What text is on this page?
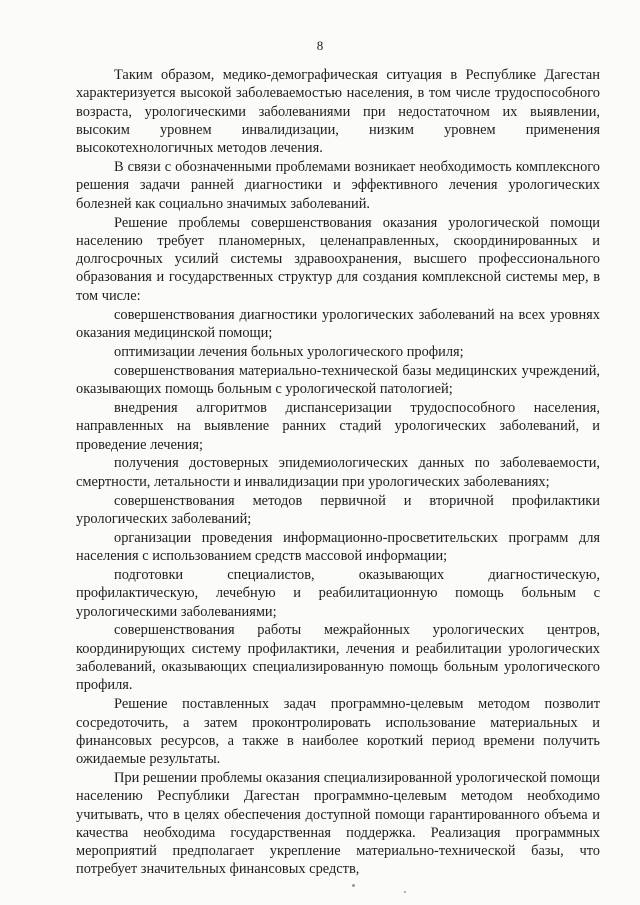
8

Таким образом, медико-демографическая ситуация в Республике Дагестан характеризуется высокой заболеваемостью населения, в том числе трудоспособного возраста, урологическими заболеваниями при недостаточном их выявлении, высоким уровнем инвалидизации, низким уровнем применения высокотехнологичных методов лечения.

В связи с обозначенными проблемами возникает необходимость комплексного решения задачи ранней диагностики и эффективного лечения урологических болезней как социально значимых заболеваний.

Решение проблемы совершенствования оказания урологической помощи населению требует планомерных, целенаправленных, скоординированных и долгосрочных усилий системы здравоохранения, высшего профессионального образования и государственных структур для создания комплексной системы мер, в том числе:

совершенствования диагностики урологических заболеваний на всех уровнях оказания медицинской помощи;

оптимизации лечения больных урологического профиля;

совершенствования материально-технической базы медицинских учреждений, оказывающих помощь больным с урологической патологией;

внедрения алгоритмов диспансеризации трудоспособного населения, направленных на выявление ранних стадий урологических заболеваний, и проведение лечения;

получения достоверных эпидемиологических данных по заболеваемости, смертности, летальности и инвалидизации при урологических заболеваниях;

совершенствования методов первичной и вторичной профилактики урологических заболеваний;

организации проведения информационно-просветительских программ для населения с использованием средств массовой информации;

подготовки специалистов, оказывающих диагностическую, профилактическую, лечебную и реабилитационную помощь больным с урологическими заболеваниями;

совершенствования работы межрайонных урологических центров, координирующих систему профилактики, лечения и реабилитации урологических заболеваний, оказывающих специализированную помощь больным урологического профиля.

Решение поставленных задач программно-целевым методом позволит сосредоточить, а затем проконтролировать использование материальных и финансовых ресурсов, а также в наиболее короткий период времени получить ожидаемые результаты.

При решении проблемы оказания специализированной урологической помощи населению Республики Дагестан программно-целевым методом необходимо учитывать, что в целях обеспечения доступной помощи гарантированного объема и качества необходима государственная поддержка. Реализация программных мероприятий предполагает укрепление материально-технической базы, что потребует значительных финансовых средств,
